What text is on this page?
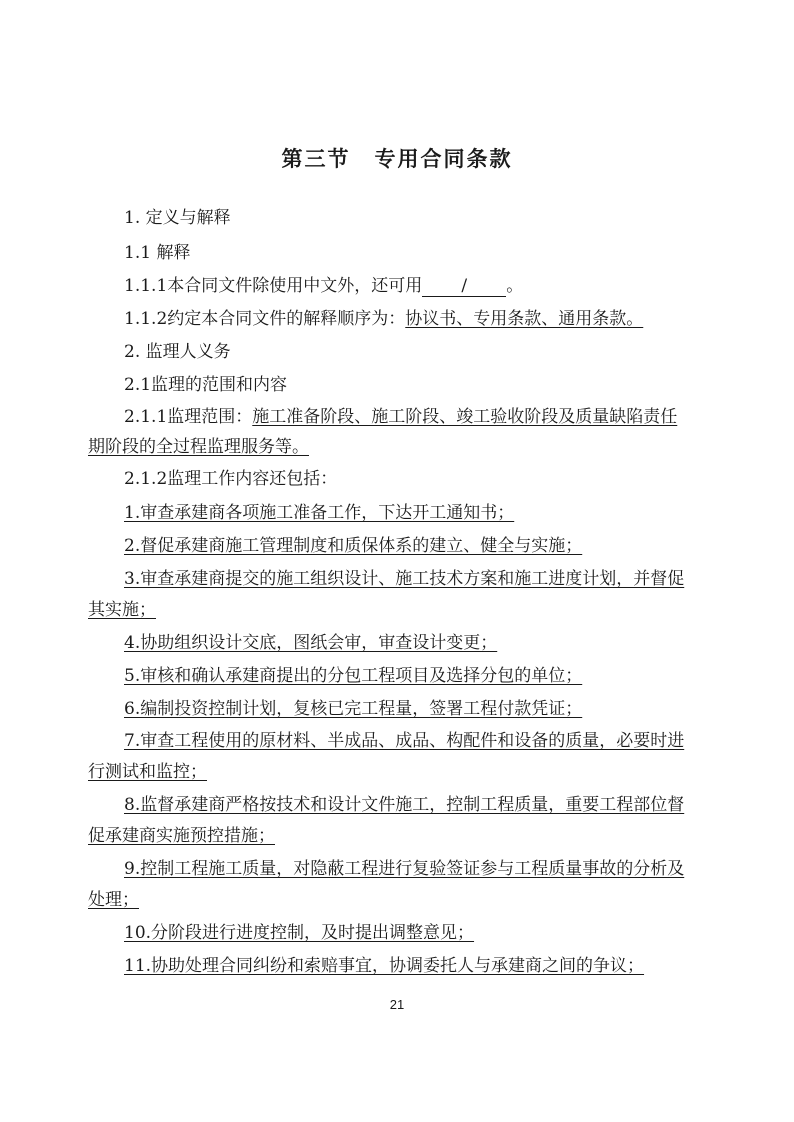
第三节 专用合同条款
1. 定义与解释
1.1 解释
1.1.1本合同文件除使用中文外，还可用 / 。
1.1.2约定本合同文件的解释顺序为：协议书、专用条款、通用条款。
2. 监理人义务
2.1监理的范围和内容
2.1.1监理范围：施工准备阶段、施工阶段、竣工验收阶段及质量缺陷责任
期阶段的全过程监理服务等。
2.1.2监理工作内容还包括：
1.审查承建商各项施工准备工作，下达开工通知书；
2.督促承建商施工管理制度和质保体系的建立、健全与实施；
3.审查承建商提交的施工组织设计、施工技术方案和施工进度计划，并督促
其实施；
4.协助组织设计交底，图纸会审，审查设计变更；
5.审核和确认承建商提出的分包工程项目及选择分包的单位；
6.编制投资控制计划，复核已完工程量，签署工程付款凭证；
7.审查工程使用的原材料、半成品、成品、构配件和设备的质量，必要时进
行测试和监控；
8.监督承建商严格按技术和设计文件施工，控制工程质量，重要工程部位督
促承建商实施预控措施；
9.控制工程施工质量，对隐蔽工程进行复验签证参与工程质量事故的分析及
处理；
10.分阶段进行进度控制，及时提出调整意见；
11.协助处理合同纠纷和索赔事宜，协调委托人与承建商之间的争议；
21
